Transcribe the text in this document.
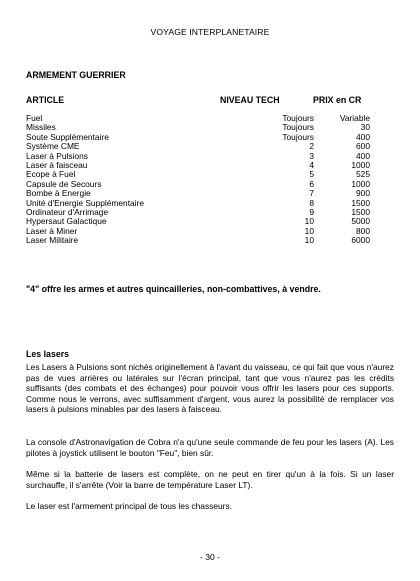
VOYAGE INTERPLANETAIRE
ARMEMENT GUERRIER
ARTICLE	NIVEAU TECH	PRIX en CR
Fuel	Toujours	Variable
Missiles	Toujours	30
Soute Supplémentaire	Toujours	400
Système CME	2	600
Laser à Pulsions	3	400
Laser à faisceau	4	1000
Ecope à Fuel	5	525
Capsule de Secours	6	1000
Bombe à Energie	7	900
Unité d'Energie Supplémentaire	8	1500
Ordinateur d'Arrimage	9	1500
Hypersaut Galactique	10	5000
Laser à Miner	10	800
Laser Militaire	10	6000
"4" offre les armes et autres quincailleries, non-combattives, à vendre.
Les lasers
Les Lasers à Pulsions sont nichés originellement à l'avant du vaisseau, ce qui fait que vous n'aurez pas de vues arrières ou latérales sur l'écran principal, tant que vous n'aurez pas les crédits suffisants (des combats et des échanges) pour pouvoir vous offrir les lasers pour ces supports. Comme nous le verrons, avec suffisamment d'argent, vous aurez la possibilité de remplacer vos lasers à pulsions minables par des lasers à faisceau.
La console d'Astronavigation de Cobra n'a qu'une seule commande de feu pour les lasers (A). Les pilotes à joystick utilisent le bouton "Feu", bien sûr.
Même si la batterie de lasers est complète, on ne peut en tirer qu'un à la fois. Si un laser surchauffe, il s'arrête (Voir la barre de température Laser LT).
Le laser est l'armement principal de tous les chasseurs.
- 30 -
